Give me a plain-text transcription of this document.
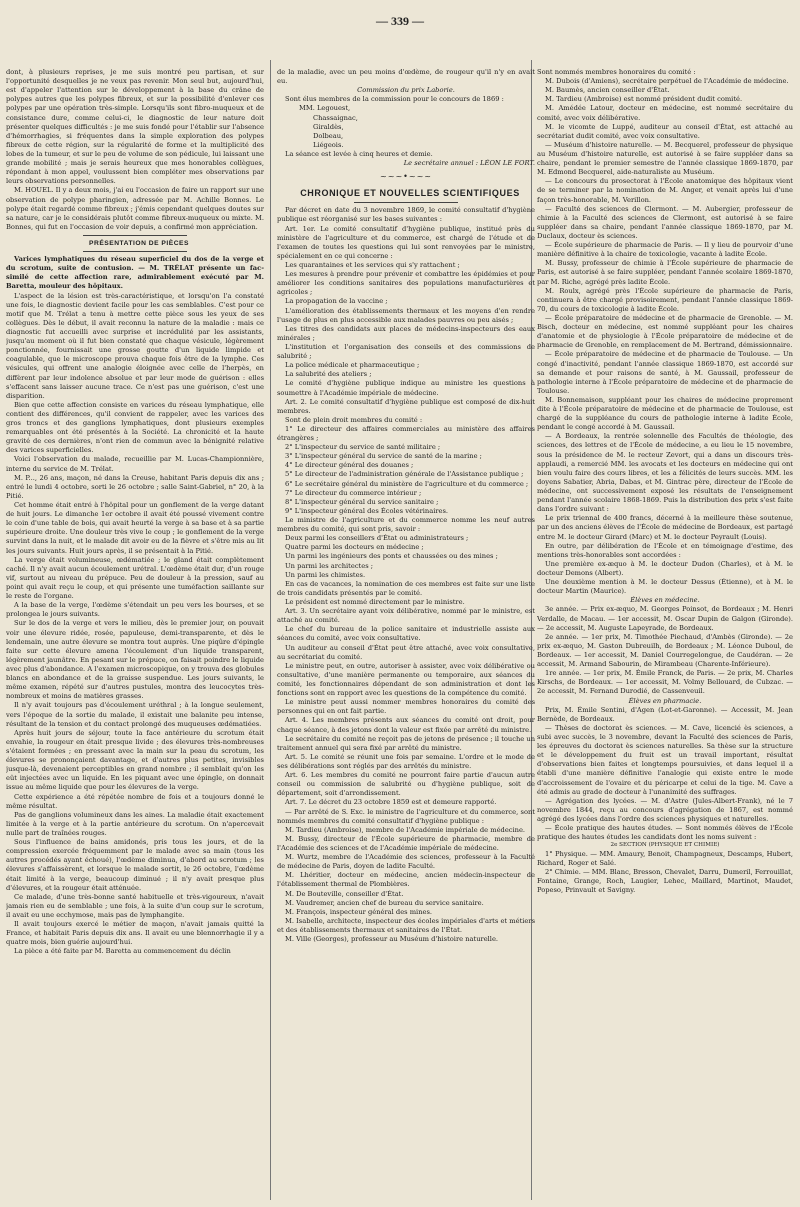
— 339 —

dont, à plusieurs reprises, je me suis montré peu partisan, et sur l'opportunité desquelles je ne veux pas revenir. Mon seul but, aujourd'hui, est d'appeler l'attention sur le développement à la base du crâne de polypes autres que les polypes fibreux, et sur la possibilité d'enlever ces polypes par une opération très-simple. Lorsqu'ils sont fibro-muqueux et de consistance dure, comme celui-ci, le diagnostic de leur nature doit présenter quelques difficultés : je me suis fondé pour l'établir sur l'absence d'hémorrhagies, si fréquentes dans la simple exploration des polypes fibreux de cette région, sur la régularité de forme et la multiplicité des lobes de la tumeur, et sur le peu de volume de son pédicule, lui laissant une grande mobilité ; mais je serais heureux que mes honorables collègues, répondant à mon appel, voulussent bien compléter mes observations par leurs observations personnelles.

M. HOUEL. Il y a deux mois, j'ai eu l'occasion de faire un rapport sur une observation de polype pharingien, adressée par M. Achille Bonnes. Le polype était regardé comme fibreux ; j'émis cependant quelques doutes sur sa nature, car je le considérais plutôt comme fibreux-muqueux ou mixte. M. Bonnes, qui fut en l'occasion de voir depuis, a confirmé mon appréciation.

PRÉSENTATION DE PIÈCES

Varices lymphatiques du réseau superficiel du dos de la verge et du scrotum, suite de contusion. — M. TRÉLAT présente un fac-similé de cette affection rare, admirablement exécuté par M. Baretta, mouleur des hôpitaux.

L'aspect de la lésion est très-caractéristique, et lorsqu'on l'a constaté une fois, le diagnostic devient facile pour les cas semblables. C'est pour ce motif que M. Trélat a tenu à mettre cette pièce sous les yeux de ses collègues. Dès le début, il avait reconnu la nature de la maladie : mais ce diagnostic fut accueilli avec surprise et incrédulité par les assistants, jusqu'au moment où il fut bien constaté que chaque vésicule, légèrement ponctionnée, fournissait une grosse goutte d'un liquide limpide et coagulable, que le microscope prouva chaque fois être de la lymphe. Ces vésicules, qui offrent une analogie éloignée avec celle de l'herpès, en diffèrent par leur indolence absolue et par leur mode de guérison : elles s'effacent sans laisser aucune trace. Ce n'est pas une guérison, c'est une disparition.

Bien que cette affection consiste en varices du réseau lymphatique, elle contient des différences, qu'il convient de rappeler, avec les varices des gros troncs et des ganglions lymphatiques, dont plusieurs exemples remarquables ont été présentés à la Société. La chronicité et la haute gravité de ces dernières, n'ont rien de commun avec la bénignité relative des varices superficielles.

Voici l'observation du malade, recueillie par M. Lucas-Championnière, interne du service de M. Trélat.

M. P..., 26 ans, maçon, né dans la Creuse, habitant Paris depuis dix ans ; entré le lundi 4 octobre, sorti le 26 octobre ; salle Saint-Gabriel, n° 20, à la Pitié.

Cet homme était entré à l'hôpital pour un gonflement de la verge datant de huit jours. Le dimanche 1er octobre il avait été poussé vivement contre le coin d'une table de bois, qui avait heurté la verge à sa base et à sa partie supérieure droite. Une douleur très vive le coup ; le gonflement de la verge survint dans la nuit, et le malade dit avoir eu de la fièvre et s'être mis au lit les jours suivants. Huit jours après, il se présentait à la Pitié.

La verge était volumineuse, œdématiée ; le gland était complètement caché. Il n'y avait aucun écoulement urétral. L'œdème était dur, d'un rouge vif, surtout au niveau du prépuce. Peu de douleur à la pression, sauf au point qui avait reçu le coup, et qui présente une tuméfaction saillante sur le reste de l'organe.

A la base de la verge, l'œdème s'étendait un peu vers les bourses, et se prolongea le jours suivants.

Sur le dos de la verge et vers le milieu, dès le premier jour, on pouvait voir une élevure ridée, rosée, papuleuse, demi-transparente, et dès le lendemain, une autre élevure se montra tout auprès. Une piqûre d'épingle faite sur cette élevure amena l'écoulement d'un liquide transparent, légèrement jaunâtre. En pesant sur le prépuce, on faisait poindre le liquide avec plus d'abondance. A l'examen microscopique, on y trouva des globules blancs en abondance et de la graisse suspendue. Les jours suivants, le même examen, répété sur d'autres pustules, montra des leucocytes très-nombreux et moins de matières grasses.

Il n'y avait toujours pas d'écoulement uréthral ; à la longue seulement, vers l'époque de la sortie du malade, il existait une balanite peu intense, résultant de la tension et du contact prolongé des muqueuses œdématiées.

Après huit jours de séjour, toute la face antérieure du scrotum était envahie, la rougeur en était presque livide ; des élevures très-nombreuses s'étaient formées ; en pressant avec la main sur la peau du scrotum, les élevures se prononçaient davantage, et d'autres plus petites, invisibles jusque-là, devenaient perceptibles en grand nombre ; il semblait qu'on les eût injectées avec un liquide. En les piquant avec une épingle, on donnait issue au même liquide que pour les élevures de la verge.

Cette expérience a été répétée nombre de fois et a toujours donné le même résultat.

Pas de ganglions volumineux dans les aines. La maladie était exactement limitée à la verge et à la partie antérieure du scrotum. On n'apercevait nulle part de traînées rouges.

Sous l'influence de bains amidonés, pris tous les jours, et de la compression exercée fréquemment par le malade avec sa main (tous les autres procédés ayant échoué), l'œdème diminua, d'abord au scrotum ; les élevures s'affaissèrent, et lorsque le malade sortit, le 26 octobre, l'œdème était limité à la verge, beaucoup diminué ; il n'y avait presque plus d'élevures, et la rougeur était atténuée.

Ce malade, d'une très-bonne santé habituelle et très-vigoureux, n'avait jamais rien eu de semblable ; une fois, à la suite d'un coup sur le scrotum, il avait eu une ecchymose, mais pas de lymphangite.

Il avait toujours exercé le métier de maçon, n'avait jamais quitté la France, et habitait Paris depuis dix ans. Il avait eu une blennorrhagie il y a quatre mois, bien guérie aujourd'hui.

La pièce a été faite par M. Baretta au commencement du déclin

de la maladie, avec un peu moins d'œdème, de rougeur qu'il n'y en avait eu.

Commission du prix Laborie.

Sont élus membres de la commission pour le concours de 1869 :

MM. Legouest,
Chassaignac,
Giraldès,
Dolbeau,
Liégeois.

La séance est levée à cinq heures et demie.

Le secrétaire annuel : LÉON LE FORT.

~~~•~~~

CHRONIQUE ET NOUVELLES SCIENTIFIQUES

Par décret en date du 3 novembre 1869, le comité consultatif d'hygiène publique est réorganisé sur les bases suivantes :

Art. 1er. Le comité consultatif d'hygiène publique, institué près du ministère de l'agriculture et du commerce, est chargé de l'étude et de l'examen de toutes les questions qui lui sont renvoyées par le ministre, spécialement en ce qui concerne :

Les quarantaines et les services qui s'y rattachent ;

Les mesures à prendre pour prévenir et combattre les épidémies et pour améliorer les conditions sanitaires des populations manufacturières et agricoles ;

La propagation de la vaccine ;

L'amélioration des établissements thermaux et les moyens d'en rendre l'usage de plus en plus accessible aux malades pauvres ou peu aisés ;

Les titres des candidats aux places de médecins-inspecteurs des eaux minérales ;

L'institution et l'organisation des conseils et des commissions de salubrité ;

La police médicale et pharmaceutique ;

La salubrité des ateliers ;

Le comité d'hygiène publique indique au ministre les questions à soumettre à l'Académie impériale de médecine.

Art. 2. Le comité consultatif d'hygiène publique est composé de dix-huit membres.

Sont de plein droit membres du comité :

1° Le directeur des affaires commerciales au ministère des affaires étrangères ;

2° L'inspecteur du service de santé militaire ;

3° L'inspecteur général du service de santé de la marine ;

4° Le directeur général des douanes ;

5° Le directeur de l'administration générale de l'Assistance publique ;

6° Le secrétaire général du ministère de l'agriculture et du commerce ;

7° Le directeur du commerce intérieur ;

8° L'inspecteur général du service sanitaire ;

9° L'inspecteur général des Écoles vétérinaires.

Le ministre de l'agriculture et du commerce nomme les neuf autres membres du comité, qui sont pris, savoir :

Deux parmi les conseillers d'État ou administrateurs ;

Quatre parmi les docteurs en médecine ;

Un parmi les ingénieurs des ponts et chaussées ou des mines ;

Un parmi les architectes ;

Un parmi les chimistes.

En cas de vacances, la nomination de ces membres est faite sur une liste de trois candidats présentés par le comité.

Le président est nommé directement par le ministre.

Art. 3. Un secrétaire ayant voix délibérative, nommé par le ministre, est attaché au comité.

Le chef du bureau de la police sanitaire et industrielle assiste aux séances du comité, avec voix consultative.

Un auditeur au conseil d'État peut être attaché, avec voix consultative, au secrétariat du comité.

Le ministre peut, en outre, autoriser à assister, avec voix délibérative ou consultative, d'une manière permanente ou temporaire, aux séances du comité, les fonctionnaires dépendant de son administration et dont les fonctions sont en rapport avec les questions de la compétence du comité.

Le ministre peut aussi nommer membres honoraires du comité des personnes qui en ont fait partie.

Art. 4. Les membres présents aux séances du comité ont droit, pour chaque séance, à des jetons dont la valeur est fixée par arrêté du ministre.

Le secrétaire du comité ne reçoit pas de jetons de présence ; il touche un traitement annuel qui sera fixé par arrêté du ministre.

Art. 5. Le comité se réunit une fois par semaine. L'ordre et le mode de ses délibérations sont réglés par des arrêtés du ministre.

Art. 6. Les membres du comité ne pourront faire partie d'aucun autre conseil ou commission de salubrité ou d'hygiène publique, soit de département, soit d'arrondissement.

Art. 7. Le décret du 23 octobre 1859 est et demeure rapporté.

— Par arrêté de S. Exc. le ministre de l'agriculture et du commerce, sont nommés membres du comité consultatif d'hygiène publique :

M. Tardieu (Ambroise), membre de l'Académie impériale de médecine.

M. Bussy, directeur de l'École supérieure de pharmacie, membre de l'Académie des sciences et de l'Académie impériale de médecine.

M. Wurtz, membre de l'Académie des sciences, professeur à la Faculté de médecine de Paris, doyen de ladite Faculté.

M. Lhéritier, docteur en médecine, ancien médecin-inspecteur de l'établissement thermal de Plombières.

M. De Bouteville, conseiller d'État.

M. Vaudremer, ancien chef de bureau du service sanitaire.

M. François, inspecteur général des mines.

M. Isabelle, architecte, inspecteur des écoles impériales d'arts et métiers et des établissements thermaux et sanitaires de l'État.

M. Ville (Georges), professeur au Muséum d'histoire naturelle.

Sont nommés membres honoraires du comité :

M. Dubois (d'Amiens), secrétaire perpétuel de l'Académie de médecine.

M. Baumès, ancien conseiller d'État.

M. Tardieu (Ambroise) est nommé président dudit comité.

M. Amédée Latour, docteur en médecine, est nommé secrétaire du comité, avec voix délibérative.

M. le vicomte de Luppé, auditeur au conseil d'État, est attaché au secrétariat dudit comité, avec voix consultative.

— Muséum d'histoire naturelle. — M. Becquerel, professeur de physique au Muséum d'histoire naturelle, est autorisé à se faire suppléer dans sa chaire, pendant le premier semestre de l'année classique 1869-1870, par M. Edmond Becquerel, aide-naturaliste au Muséum.

— Le concours du prosectorat à l'École anatomique des hôpitaux vient de se terminer par la nomination de M. Anger, et venait après lui d'une façon très-honorable, M. Verillon.

— Faculté des sciences de Clermont. — M. Aubergier, professeur de chimie à la Faculté des sciences de Clermont, est autorisé à se faire suppléer dans sa chaire, pendant l'année classique 1869-1870, par M. Duclaux, docteur ès sciences.

— École supérieure de pharmacie de Paris. — Il y lieu de pourvoir d'une manière définitive à la chaire de toxicologie, vacante à ladite École.

M. Bussy, professeur de chimie à l'École supérieure de pharmacie de Paris, est autorisé à se faire suppléer, pendant l'année scolaire 1869-1870, par M. Riche, agrégé près ladite École.

M. Roulx, agrégé près l'École supérieure de pharmacie de Paris, continuera à être chargé provisoirement, pendant l'année classique 1869-70, du cours de toxicologie à ladite École.

— École préparatoire de médecine et de pharmacie de Grenoble. — M. Bisch, docteur en médecine, est nommé suppléant pour les chaires d'anatomie et de physiologie à l'École préparatoire de médecine et de pharmacie de Grenoble, en remplacement de M. Bertrand, démissionnaire.

— École préparatoire de médecine et de pharmacie de Toulouse. — Un congé d'inactivité, pendant l'année classique 1869-1870, est accordé sur sa demande et pour raisons de santé, à M. Gaussail, professeur de pathologie interne à l'École préparatoire de médecine et de pharmacie de Toulouse.

M. Bonnemaison, suppléant pour les chaires de médecine proprement dite à l'École préparatoire de médecine et de pharmacie de Toulouse, est chargé de la suppléance du cours de pathologie interne à ladite École, pendant le congé accordé à M. Gaussail.

— A Bordeaux, la rentrée solennelle des Facultés de théologie, des sciences, des lettres et de l'École de médecine, a eu lieu le 15 novembre, sous la présidence de M. le recteur Zevort, qui a dans un discours très-applaudi, a remercié MM. les avocats et les docteurs en médecine qui ont bien voulu faire des cours libres, et les a félicités de leurs succès. MM. les doyens Sabatier, Abria, Dabas, et M. Gintrac père, directeur de l'École de médecine, ont successivement exposé les résultats de l'enseignement pendant l'année scolaire 1868-1869. Puis la distribution des prix s'est faite dans l'ordre suivant :

Le prix triennal de 400 francs, décerné à la meilleure thèse soutenue, par un des anciens élèves de l'École de médecine de Bordeaux, est partagé entre M. le docteur Girard (Marc) et M. le docteur Peyrault (Louis).

En outre, par délibération de l'École et en témoignage d'estime, des mentions très-honorables sont accordées :

Une première ex-æquo à M. le docteur Dudon (Charles), et à M. le docteur Demons (Albert).

Une deuxième mention à M. le docteur Dessus (Étienne), et à M. le docteur Martin (Maurice).

Élèves en médecine.

3e année. — Prix ex-æquo, M. Georges Poinsot, de Bordeaux ; M. Henri Verdalle, de Macau. — 1er accessit, M. Oscar Dupin de Galgon (Gironde). — 2e accessit, M. Auguste Lapeyrade, de Bordeaux.

2e année. — 1er prix, M. Timothée Piechaud, d'Ambès (Gironde). — 2e prix ex-æquo, M. Gaston Dubreuilh, de Bordeaux ; M. Léonce Duboul, de Bordeaux. — 1er accessit, M. Daniel Courregelongue, de Caudéran. — 2e accessit, M. Armand Sabourin, de Mirambeau (Charente-Inférieure).

1re année. — 1er prix, M. Émile Franck, de Paris. — 2e prix, M. Charles Kirschs, de Bordeaux. — 1er accessit, M. Volmy Bellouard, de Cubzac. — 2e accessit, M. Fernand Durodié, de Cassenveuil.

Élèves en pharmacie.

Prix, M. Émile Sentini, d'Agen (Lot-et-Garonne). — Accessit, M. Jean Bernède, de Bordeaux.

— Thèses de doctorat ès sciences. — M. Cave, licencié ès sciences, a subi avec succès, le 3 novembre, devant la Faculté des sciences de Paris, les épreuves du doctorat ès sciences naturelles. Sa thèse sur la structure et le développement du fruit est un travail important, résultat d'observations bien faites et longtemps poursuivies, et dans lequel il a établi d'une manière définitive l'analogie qui existe entre le mode d'accroissement de l'ovaire et du péricarpe et celui de la tige. M. Cave a été admis au grade de docteur à l'unanimité des suffrages.

— Agrégation des lycées. — M. d'Astre (Jules-Albert-Frank), né le 7 novembre 1844, reçu au concours d'agrégation de 1867, est nommé agrégé des lycées dans l'ordre des sciences physiques et naturelles.

— École pratique des hautes études. — Sont nommés élèves de l'École pratique des hautes études les candidats dont les noms suivent :

2e SECTION (PHYSIQUE ET CHIMIE)

1° Physique. — MM. Amaury, Benoit, Champagneux, Descamps, Hubert, Richard, Roger et Salé.

2° Chimie. — MM. Blanc, Bresson, Chevalet, Darru, Dumeril, Ferrouillat, Fontaine, Grange, Roch, Laugier, Lehec, Maillard, Martinot, Maudet, Popeso, Prinvault et Savigny.
